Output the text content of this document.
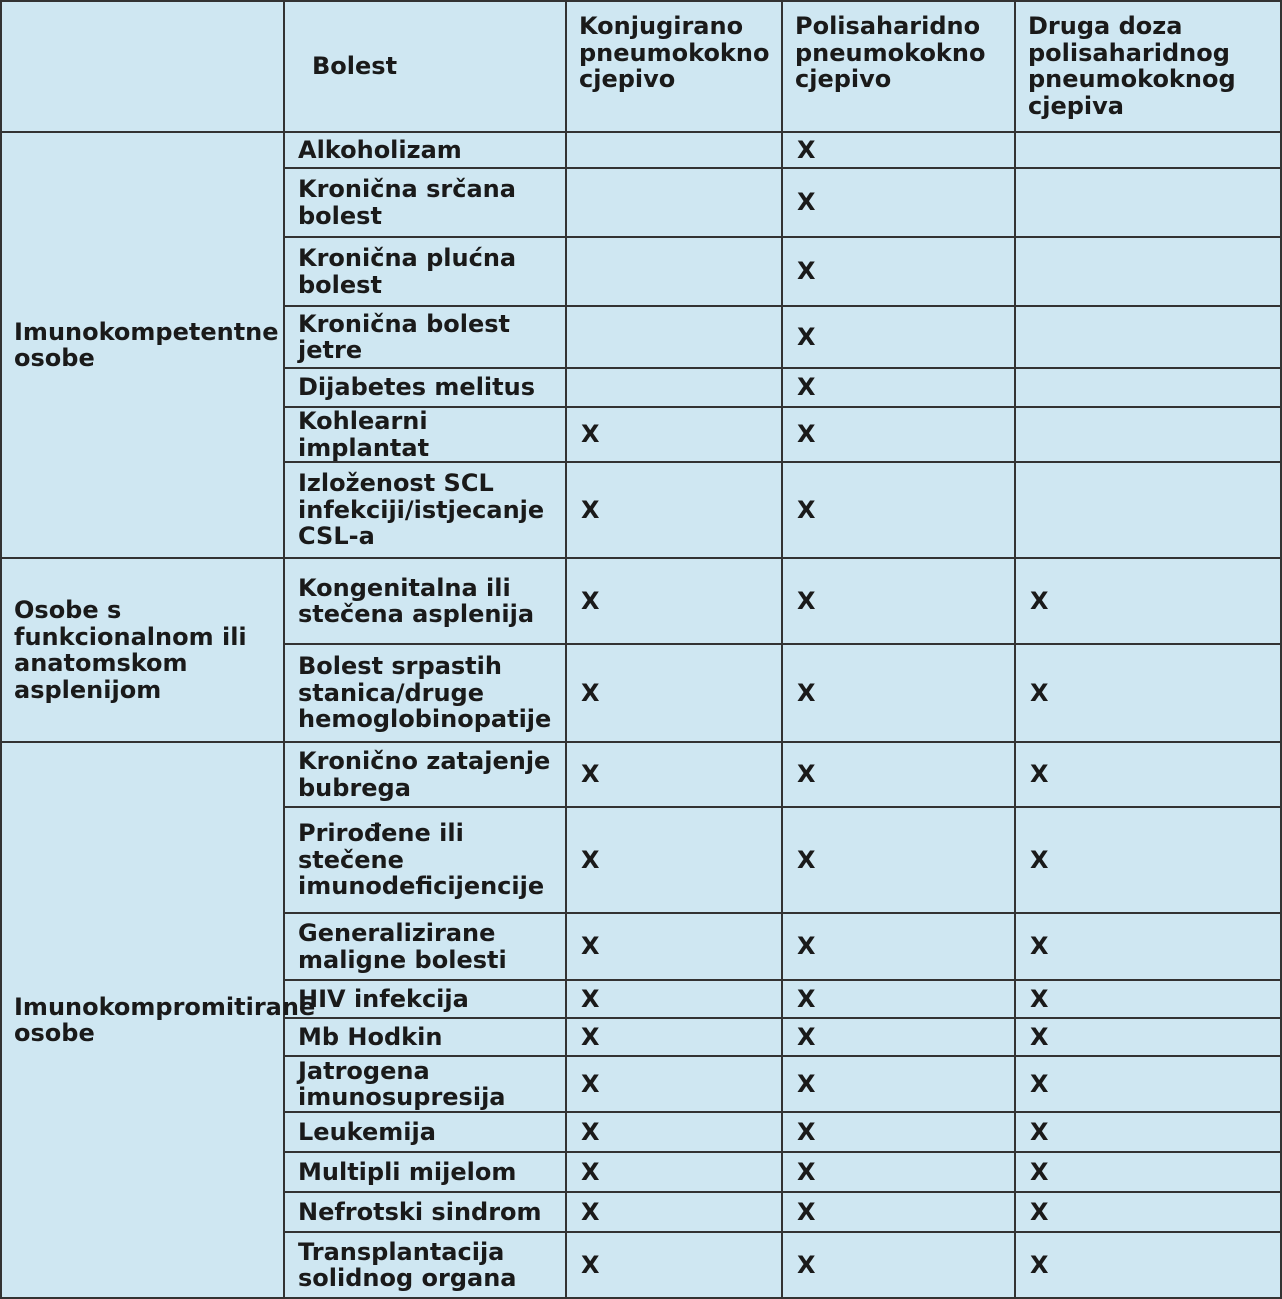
	Bolest	Konjugirano pneumokokno cjepivo	Polisaharidno pneumokokno cjepivo	Druga doza polisaharidnog pneumokoknog cjepiva
Imunokompetentne osobe	Alkoholizam		X	
	Kronična srčana bolest		X	
	Kronična plućna bolest		X	
	Kronična bolest jetre		X	
	Dijabetes melitus		X	
	Kohlearni implantat	X	X	
	Izloženost SCL infekciji/istjecanje CSL-a	X	X	
Osobe s funkcionalnom ili anatomskom asplenijom	Kongenitalna ili stečena asplenija	X	X	X
	Bolest srpastih stanica/druge hemoglobinopatije	X	X	X
Imunokompromitirane osobe	Kronično zatajenje bubrega	X	X	X
	Prirođene ili stečene imunodeficijencije	X	X	X
	Generalizirane maligne bolesti	X	X	X
	HIV infekcija	X	X	X
	Mb Hodkin	X	X	X
	Jatrogena imunosupresija	X	X	X
	Leukemija	X	X	X
	Multipli mijelom	X	X	X
	Nefrotski sindrom	X	X	X
	Transplantacija solidnog organa	X	X	X
